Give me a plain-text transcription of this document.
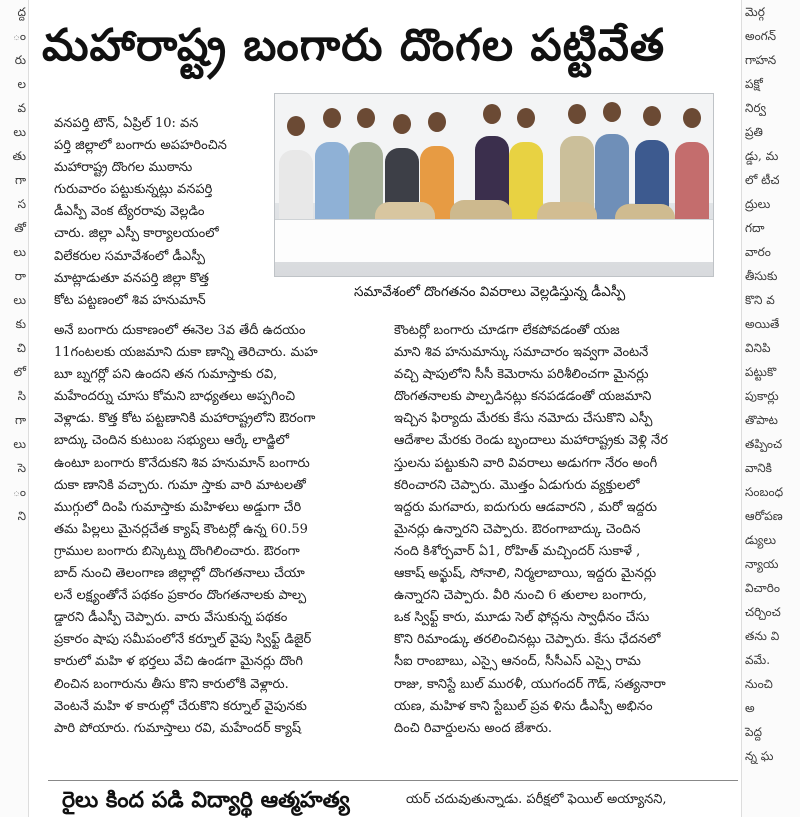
ద్ద
ం
రు
ల
వ
లు
తు
గా
స
తో
లు
రా
లు
కు
చి
లో
సి
గా
లు
సె
ం
ని
మెర్గ
అంగన్
గాహన
పక్షో
నిర్వ
ప్రతి
డ్డు, మ
లో టీచ
ద్రులు
గదా
వారం
తీసుకు
కొని వ
అయితే
వినిపి
పట్టుకొ
పుకార్లు
తొపాట
తప్పించ
వానికి
సంబంధ
ఆరోపణ
డ్యులు
న్యాయ
విచారిం
చర్చించ
తను వి
వమే.
నుంచి
అ
పెద్ద
న్న ఘ
మహారాష్ట్ర బంగారు దొంగల పట్టివేత

సమావేశంలో దొంగతనం వివరాలు వెల్లడిస్తున్న డీఎస్పీ

వనపర్తి టౌన్, ఏప్రిల్ 10: వన
పర్తి జిల్లాలో బంగారు అపహరించిన
మహారాష్ట్ర దొంగల ముఠాను
గురువారం పట్టుకున్నట్లు వనపర్తి
డీఎస్పీ వెంక ట్యేరరావు వెల్లడిం
చారు. జిల్లా ఎస్పీ కార్యాలయంలో
విలేకరుల సమావేశంలో డీఎస్పీ
మాట్లాడుతూ వనపర్తి జిల్లా కొత్త
కోట పట్టణంలో శివ హనుమాన్
అనే బంగారు దుకాణంలో ఈనెల 3వ తేదీ ఉదయం
11గంటలకు యజమాని దుకా ణాన్ని తెరిచారు. మహ
బూ బ్నగర్లో పని ఉందని తన గుమాస్తాకు రవి,
మహేందర్ను చూసు కోమని బాధ్యతలు అప్పగించి
వెళ్లాడు. కొత్త కోట పట్టణానికి మహారాష్ట్రలోని ఔరంగా
బాద్కు చెందిన కుటుంబ సభ్యులు ఆర్కే లాడ్జిలో
ఉంటూ బంగారు కొనేదుకని శివ హనుమాన్ బంగారు
దుకా ణానికి వచ్చారు. గుమా స్తాకు వారి మాటలతో
ముగ్గులో దింపి గుమాస్తాకు మహిళలు అడ్డుగా చేరి
తమ పిల్లలు మైనర్లచేత క్యాష్ కౌంటర్లో ఉన్న 60.59
గ్రాముల బంగారు బిస్కెట్ను దొంగిలించారు. ఔరంగా
బాద్ నుంచి తెలంగాణ జిల్లాల్లో దొంగతనాలు చేయా
లనే లక్ష్యంతోనే పథకం ప్రకారం దొంగతనాలకు పాల్ప
డ్డారని డీఎస్పీ చెప్పారు. వారు వేసుకున్న పథకం
ప్రకారం షాపు సమీపంలోనే కర్నూల్ వైపు స్విఫ్ట్ డిజైర్
కారులో మహి ళ భర్తలు వేచి ఉండగా మైనర్లు దొంగి
లించిన బంగారును తీసు కొని కారులోకి వెళ్లారు.
వెంటనే మహి ళ కారుల్లో చేరుకొని కర్నూల్ వైపునకు
పారి పోయారు. గుమాస్తాలు రవి, మహేందర్ క్యాష్
కౌంటర్లో బంగారు చూడగా లేకపోవడంతో యజ
మాని శివ హనుమాన్కు సమాచారం ఇవ్వగా వెంటనే
వచ్చి షాపులోని సీసీ కెమెరాను పరిశీలించగా మైనర్లు
దొంగతనాలకు పాల్పడినట్లు కనపడడంతో యజమాని
ఇచ్చిన ఫిర్యాదు మేరకు కేసు నమోదు చేసుకొని ఎస్పీ
ఆదేశాల మేరకు రెండు బృందాలు మహారాష్ట్రకు వెళ్లి నేర
స్తులను పట్టుకుని వారి వివరాలు అడుగగా నేరం అంగీ
కరించారని చెప్పారు. మొత్తం ఏడుగురు వ్యక్తులలో
ఇద్దరు మగవారు, ఐదుగురు ఆడవారని , మరో ఇద్దరు
మైనర్లు ఉన్నారని చెప్పారు. ఔరంగాబాద్కు చెందిన
నంది కిశోర్పవార్ ఏ1, రోహిత్ మచ్చిందర్ సుకాళే ,
ఆకాష్ అన్ఖుష్, సోనాలి, నిర్మలాబాయి, ఇద్దరు మైనర్లు
ఉన్నారని చెప్పారు. వీరి నుంచి 6 తులాల బంగారు,
ఒక స్విఫ్ట్ కారు, మూడు సెల్ ఫోన్లను స్వాధీనం చేసు
కొని రిమాండ్కు తరలించినట్లు చెప్పారు. కేసు ఛేదనలో
సీఐ రాంబాబు, ఎస్సై ఆనంద్, సీసీఎస్ ఎస్సై రామ
రాజు, కానిస్టే బుల్ మురళీ, యుగందర్ గౌడ్, సత్యనారా
యణ, మహిళ కాని స్టేబుల్ ప్రవ ళిను డీఎస్పీ అభినం
దించి రివార్డులను అంద జేశారు.
రైలు కింద పడి విద్యార్థి ఆత్మహత్య	యర్ చదువుతున్నాడు. పరీక్షలో ఫెయిల్ అయ్యానని,
